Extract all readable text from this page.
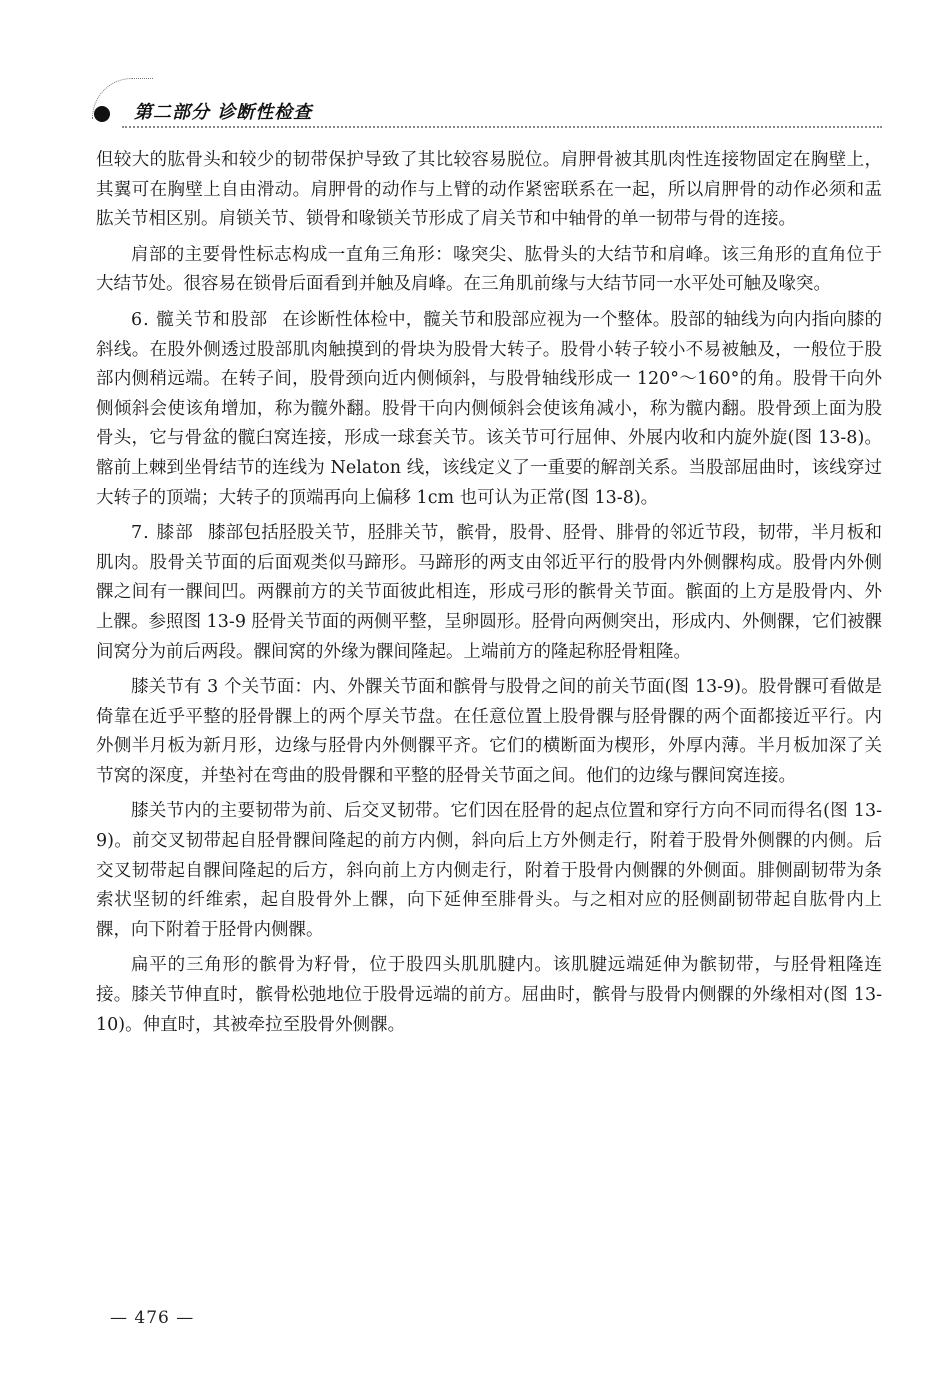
第二部分 诊断性检查

但较大的肱骨头和较少的韧带保护导致了其比较容易脱位。肩胛骨被其肌肉性连接物固定在胸壁上，其翼可在胸壁上自由滑动。肩胛骨的动作与上臂的动作紧密联系在一起，所以肩胛骨的动作必须和盂肱关节相区别。肩锁关节、锁骨和喙锁关节形成了肩关节和中轴骨的单一韧带与骨的连接。

肩部的主要骨性标志构成一直角三角形：喙突尖、肱骨头的大结节和肩峰。该三角形的直角位于大结节处。很容易在锁骨后面看到并触及肩峰。在三角肌前缘与大结节同一水平处可触及喙突。

6. 髋关节和股部 在诊断性体检中，髋关节和股部应视为一个整体。股部的轴线为向内指向膝的斜线。在股外侧透过股部肌肉触摸到的骨块为股骨大转子。股骨小转子较小不易被触及，一般位于股部内侧稍远端。在转子间，股骨颈向近内侧倾斜，与股骨轴线形成一 120°～160°的角。股骨干向外侧倾斜会使该角增加，称为髋外翻。股骨干向内侧倾斜会使该角减小，称为髋内翻。股骨颈上面为股骨头，它与骨盆的髋臼窝连接，形成一球套关节。该关节可行屈伸、外展内收和内旋外旋(图 13-8)。髂前上棘到坐骨结节的连线为 Nelaton 线，该线定义了一重要的解剖关系。当股部屈曲时，该线穿过大转子的顶端；大转子的顶端再向上偏移 1cm 也可认为正常(图 13-8)。

7. 膝部 膝部包括胫股关节，胫腓关节，髌骨，股骨、胫骨、腓骨的邻近节段，韧带，半月板和肌肉。股骨关节面的后面观类似马蹄形。马蹄形的两支由邻近平行的股骨内外侧髁构成。股骨内外侧髁之间有一髁间凹。两髁前方的关节面彼此相连，形成弓形的髌骨关节面。髌面的上方是股骨内、外上髁。参照图 13-9 胫骨关节面的两侧平整，呈卵圆形。胫骨向两侧突出，形成内、外侧髁，它们被髁间窝分为前后两段。髁间窝的外缘为髁间隆起。上端前方的隆起称胫骨粗隆。

膝关节有 3 个关节面：内、外髁关节面和髌骨与股骨之间的前关节面(图 13-9)。股骨髁可看做是倚靠在近乎平整的胫骨髁上的两个厚关节盘。在任意位置上股骨髁与胫骨髁的两个面都接近平行。内外侧半月板为新月形，边缘与胫骨内外侧髁平齐。它们的横断面为楔形，外厚内薄。半月板加深了关节窝的深度，并垫衬在弯曲的股骨髁和平整的胫骨关节面之间。他们的边缘与髁间窝连接。

膝关节内的主要韧带为前、后交叉韧带。它们因在胫骨的起点位置和穿行方向不同而得名(图 13-9)。前交叉韧带起自胫骨髁间隆起的前方内侧，斜向后上方外侧走行，附着于股骨外侧髁的内侧。后交叉韧带起自髁间隆起的后方，斜向前上方内侧走行，附着于股骨内侧髁的外侧面。腓侧副韧带为条索状坚韧的纤维索，起自股骨外上髁，向下延伸至腓骨头。与之相对应的胫侧副韧带起自肱骨内上髁，向下附着于胫骨内侧髁。

扁平的三角形的髌骨为籽骨，位于股四头肌肌腱内。该肌腱远端延伸为髌韧带，与胫骨粗隆连接。膝关节伸直时，髌骨松弛地位于股骨远端的前方。屈曲时，髌骨与股骨内侧髁的外缘相对(图 13-10)。伸直时，其被牵拉至股骨外侧髁。

— 476 —
